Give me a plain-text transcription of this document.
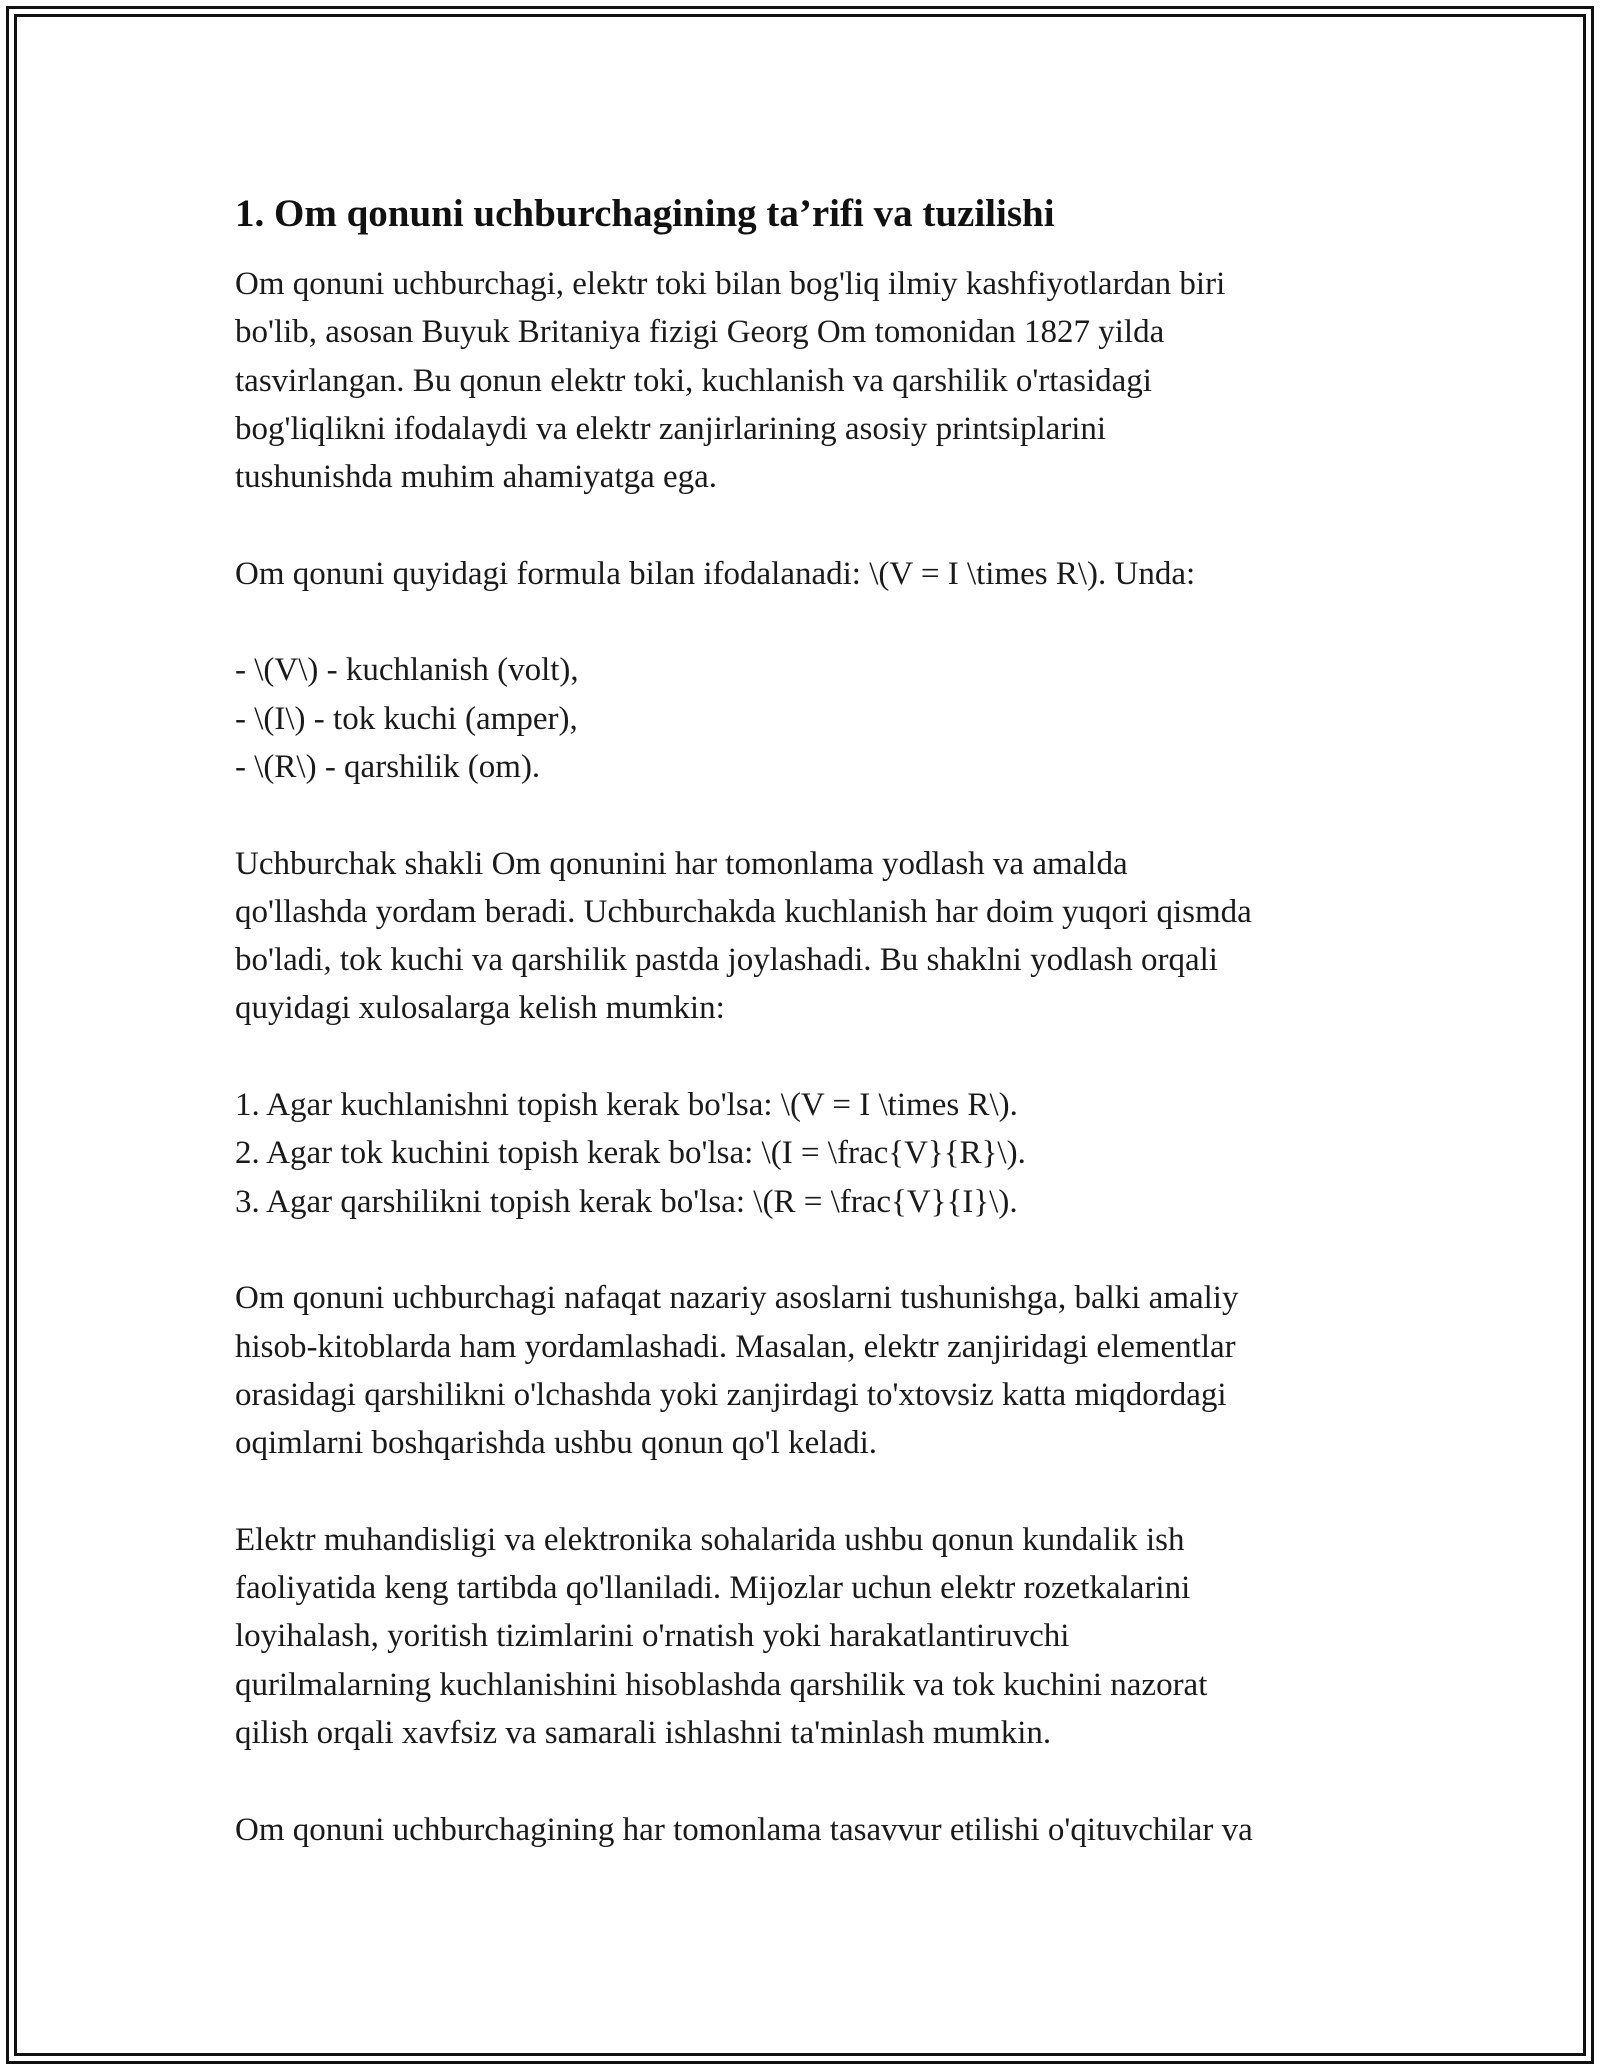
1. Om qonuni uchburchagining ta’rifi va tuzilishi

Om qonuni uchburchagi, elektr toki bilan bog'liq ilmiy kashfiyotlardan biri
bo'lib, asosan Buyuk Britaniya fizigi Georg Om tomonidan 1827 yilda
tasvirlangan. Bu qonun elektr toki, kuchlanish va qarshilik o'rtasidagi
bog'liqlikni ifodalaydi va elektr zanjirlarining asosiy printsiplarini
tushunishda muhim ahamiyatga ega.

Om qonuni quyidagi formula bilan ifodalanadi: \(V = I \times R\). Unda:

- \(V\) - kuchlanish (volt),
- \(I\) - tok kuchi (amper),
- \(R\) - qarshilik (om).

Uchburchak shakli Om qonunini har tomonlama yodlash va amalda
qo'llashda yordam beradi. Uchburchakda kuchlanish har doim yuqori qismda
bo'ladi, tok kuchi va qarshilik pastda joylashadi. Bu shaklni yodlash orqali
quyidagi xulosalarga kelish mumkin:

1. Agar kuchlanishni topish kerak bo'lsa: \(V = I \times R\).
2. Agar tok kuchini topish kerak bo'lsa: \(I = \frac{V}{R}\).
3. Agar qarshilikni topish kerak bo'lsa: \(R = \frac{V}{I}\).

Om qonuni uchburchagi nafaqat nazariy asoslarni tushunishga, balki amaliy
hisob-kitoblarda ham yordamlashadi. Masalan, elektr zanjiridagi elementlar
orasidagi qarshilikni o'lchashda yoki zanjirdagi to'xtovsiz katta miqdordagi
oqimlarni boshqarishda ushbu qonun qo'l keladi.

Elektr muhandisligi va elektronika sohalarida ushbu qonun kundalik ish
faoliyatida keng tartibda qo'llaniladi. Mijozlar uchun elektr rozetkalarini
loyihalash, yoritish tizimlarini o'rnatish yoki harakatlantiruvchi
qurilmalarning kuchlanishini hisoblashda qarshilik va tok kuchini nazorat
qilish orqali xavfsiz va samarali ishlashni ta'minlash mumkin.

Om qonuni uchburchagining har tomonlama tasavvur etilishi o'qituvchilar va
